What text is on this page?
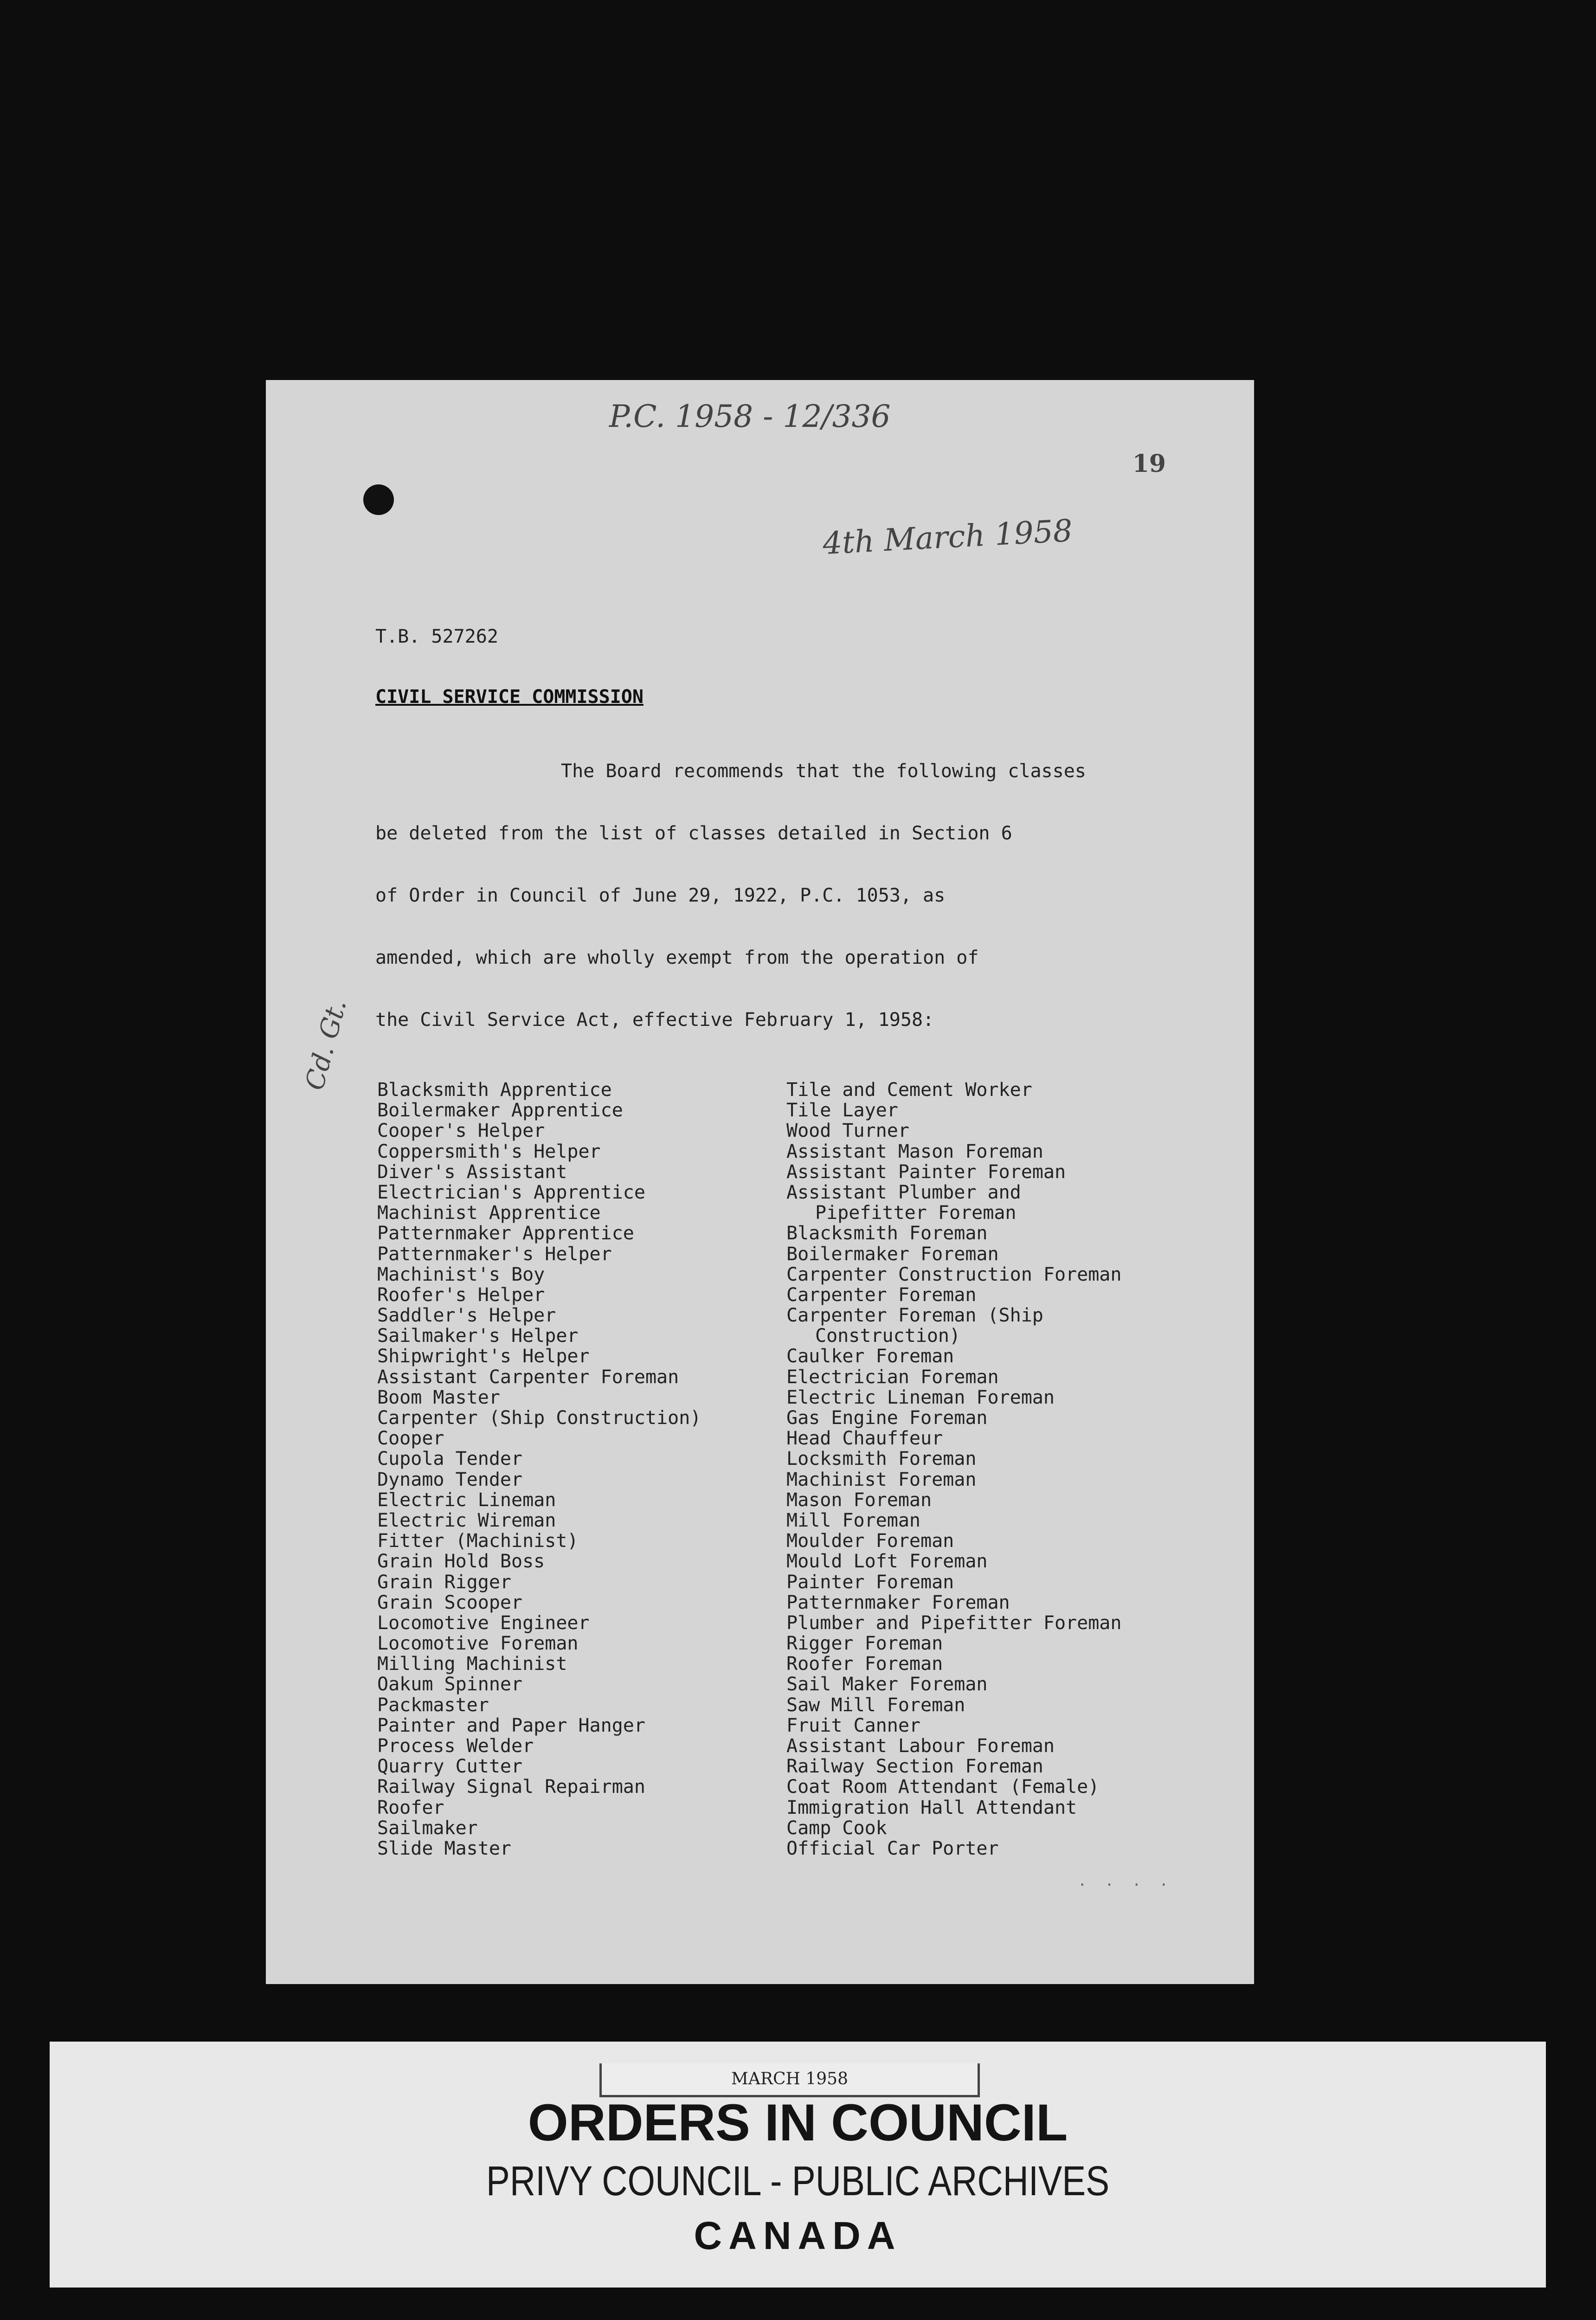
P.C. 1958 - 12/336
19
4th March 1958
Cd. Gt.
T.B. 527262
CIVIL SERVICE COMMISSION
The Board recommends that the following classes
be deleted from the list of classes detailed in Section 6
of Order in Council of June 29, 1922, P.C. 1053, as
amended, which are wholly exempt from the operation of
the Civil Service Act, effective February 1, 1958:
Blacksmith Apprentice
Boilermaker Apprentice
Cooper's Helper
Coppersmith's Helper
Diver's Assistant
Electrician's Apprentice
Machinist Apprentice
Patternmaker Apprentice
Patternmaker's Helper
Machinist's Boy
Roofer's Helper
Saddler's Helper
Sailmaker's Helper
Shipwright's Helper
Assistant Carpenter Foreman
Boom Master
Carpenter (Ship Construction)
Cooper
Cupola Tender
Dynamo Tender
Electric Lineman
Electric Wireman
Fitter (Machinist)
Grain Hold Boss
Grain Rigger
Grain Scooper
Locomotive Engineer
Locomotive Foreman
Milling Machinist
Oakum Spinner
Packmaster
Painter and Paper Hanger
Process Welder
Quarry Cutter
Railway Signal Repairman
Roofer
Sailmaker
Slide Master
Tile and Cement Worker
Tile Layer
Wood Turner
Assistant Mason Foreman
Assistant Painter Foreman
Assistant Plumber and
Pipefitter Foreman
Blacksmith Foreman
Boilermaker Foreman
Carpenter Construction Foreman
Carpenter Foreman
Carpenter Foreman (Ship
Construction)
Caulker Foreman
Electrician Foreman
Electric Lineman Foreman
Gas Engine Foreman
Head Chauffeur
Locksmith Foreman
Machinist Foreman
Mason Foreman
Mill Foreman
Moulder Foreman
Mould Loft Foreman
Painter Foreman
Patternmaker Foreman
Plumber and Pipefitter Foreman
Rigger Foreman
Roofer Foreman
Sail Maker Foreman
Saw Mill Foreman
Fruit Canner
Assistant Labour Foreman
Railway Section Foreman
Coat Room Attendant (Female)
Immigration Hall Attendant
Camp Cook
Official Car Porter
. . . .
MARCH 1958
ORDERS IN COUNCIL
PRIVY COUNCIL - PUBLIC ARCHIVES
CANADA
